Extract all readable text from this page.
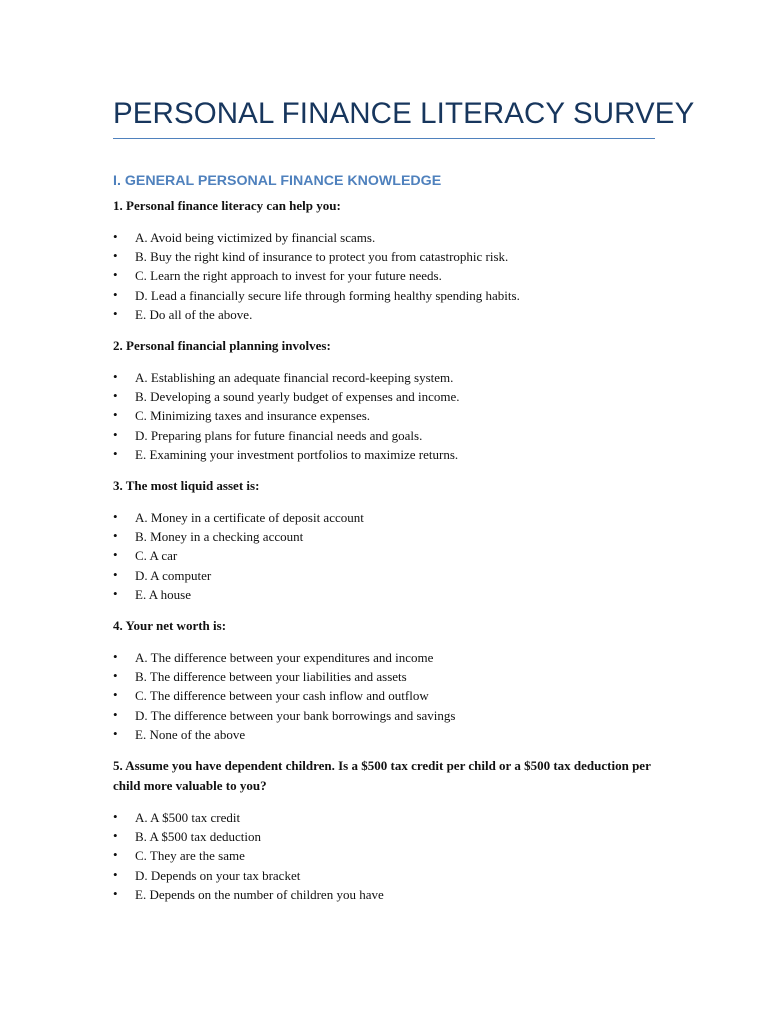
PERSONAL FINANCE LITERACY SURVEY
I. GENERAL PERSONAL FINANCE KNOWLEDGE

1. Personal finance literacy can help you:

• A. Avoid being victimized by financial scams.
• B. Buy the right kind of insurance to protect you from catastrophic risk.
• C. Learn the right approach to invest for your future needs.
• D. Lead a financially secure life through forming healthy spending habits.
• E. Do all of the above.

2. Personal financial planning involves:

• A. Establishing an adequate financial record-keeping system.
• B. Developing a sound yearly budget of expenses and income.
• C. Minimizing taxes and insurance expenses.
• D. Preparing plans for future financial needs and goals.
• E. Examining your investment portfolios to maximize returns.

3. The most liquid asset is:

• A. Money in a certificate of deposit account
• B. Money in a checking account
• C. A car
• D. A computer
• E. A house

4. Your net worth is:

• A. The difference between your expenditures and income
• B. The difference between your liabilities and assets
• C. The difference between your cash inflow and outflow
• D. The difference between your bank borrowings and savings
• E. None of the above

5. Assume you have dependent children. Is a $500 tax credit per child or a $500 tax deduction per child more valuable to you?

• A. A $500 tax credit
• B. A $500 tax deduction
• C. They are the same
• D. Depends on your tax bracket
• E. Depends on the number of children you have
